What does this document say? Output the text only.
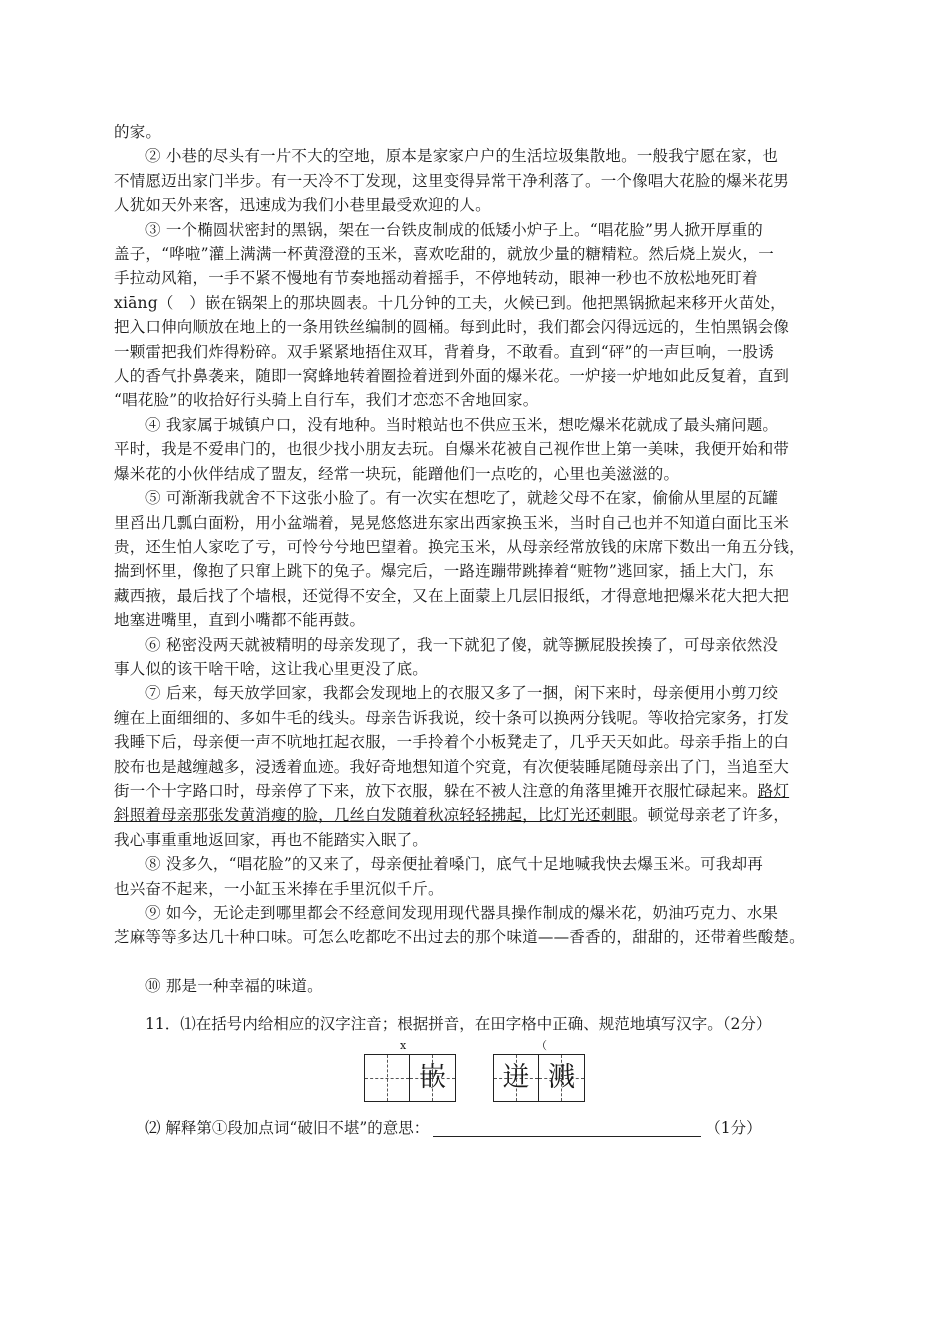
的家。
② 小巷的尽头有一片不大的空地，原本是家家户户的生活垃圾集散地。一般我宁愿在家，也
不情愿迈出家门半步。有一天冷不丁发现，这里变得异常干净利落了。一个像唱大花脸的爆米花男
人犹如天外来客，迅速成为我们小巷里最受欢迎的人。
③ 一个椭圆状密封的黑锅，架在一台铁皮制成的低矮小炉子上。“唱花脸”男人掀开厚重的
盖子，“哗啦”灌上满满一杯黄澄澄的玉米，喜欢吃甜的，就放少量的糖精粒。然后烧上炭火，一
手拉动风箱，一手不紧不慢地有节奏地摇动着摇手，不停地转动，眼神一秒也不放松地死盯着
xiāng（　）嵌在锅架上的那块圆表。十几分钟的工夫，火候已到。他把黑锅掀起来移开火苗处，
把入口伸向顺放在地上的一条用铁丝编制的圆桶。每到此时，我们都会闪得远远的，生怕黑锅会像
一颗雷把我们炸得粉碎。双手紧紧地捂住双耳，背着身，不敢看。直到“砰”的一声巨响，一股诱
人的香气扑鼻袭来，随即一窝蜂地转着圈捡着迸到外面的爆米花。一炉接一炉地如此反复着，直到
“唱花脸”的收拾好行头骑上自行车，我们才恋恋不舍地回家。
④ 我家属于城镇户口，没有地种。当时粮站也不供应玉米，想吃爆米花就成了最头痛问题。
平时，我是不爱串门的，也很少找小朋友去玩。自爆米花被自己视作世上第一美味，我便开始和带
爆米花的小伙伴结成了盟友，经常一块玩，能蹭他们一点吃的，心里也美滋滋的。
⑤ 可渐渐我就舍不下这张小脸了。有一次实在想吃了，就趁父母不在家，偷偷从里屋的瓦罐
里舀出几瓢白面粉，用小盆端着，晃晃悠悠进东家出西家换玉米，当时自己也并不知道白面比玉米
贵，还生怕人家吃了亏，可怜兮兮地巴望着。换完玉米，从母亲经常放钱的床席下数出一角五分钱，
揣到怀里，像抱了只窜上跳下的兔子。爆完后，一路连蹦带跳捧着“赃物”逃回家，插上大门，东
藏西掖，最后找了个墙根，还觉得不安全，又在上面蒙上几层旧报纸，才得意地把爆米花大把大把
地塞进嘴里，直到小嘴都不能再鼓。
⑥ 秘密没两天就被精明的母亲发现了，我一下就犯了傻，就等撅屁股挨揍了，可母亲依然没
事人似的该干啥干啥，这让我心里更没了底。
⑦ 后来，每天放学回家，我都会发现地上的衣服又多了一捆，闲下来时，母亲便用小剪刀绞
缠在上面细细的、多如牛毛的线头。母亲告诉我说，绞十条可以换两分钱呢。等收拾完家务，打发
我睡下后，母亲便一声不吭地扛起衣服，一手拎着个小板凳走了，几乎天天如此。母亲手指上的白
胶布也是越缠越多，浸透着血迹。我好奇地想知道个究竟，有次便装睡尾随母亲出了门，当追至大
街一个十字路口时，母亲停了下来，放下衣服，躲在不被人注意的角落里摊开衣服忙碌起来。路灯
斜照着母亲那张发黄消瘦的脸，几丝白发随着秋凉轻轻拂起，比灯光还刺眼。顿觉母亲老了许多，
我心事重重地返回家，再也不能踏实入眠了。
⑧ 没多久，“唱花脸”的又来了，母亲便扯着嗓门，底气十足地喊我快去爆玉米。可我却再
也兴奋不起来，一小缸玉米捧在手里沉似千斤。
⑨ 如今，无论走到哪里都会不经意间发现用现代器具操作制成的爆米花，奶油巧克力、水果
芝麻等等多达几十种口味。可怎么吃都吃不出过去的那个味道——香香的，甜甜的，还带着些酸楚。
⑩ 那是一种幸福的味道。
11．⑴在括号内给相应的汉字注音；根据拼音，在田字格中正确、规范地填写汉字。（2分）
x	（
嵌	迸 溅
⑵ 解释第①段加点词“破旧不堪”的意思：	（1分）
